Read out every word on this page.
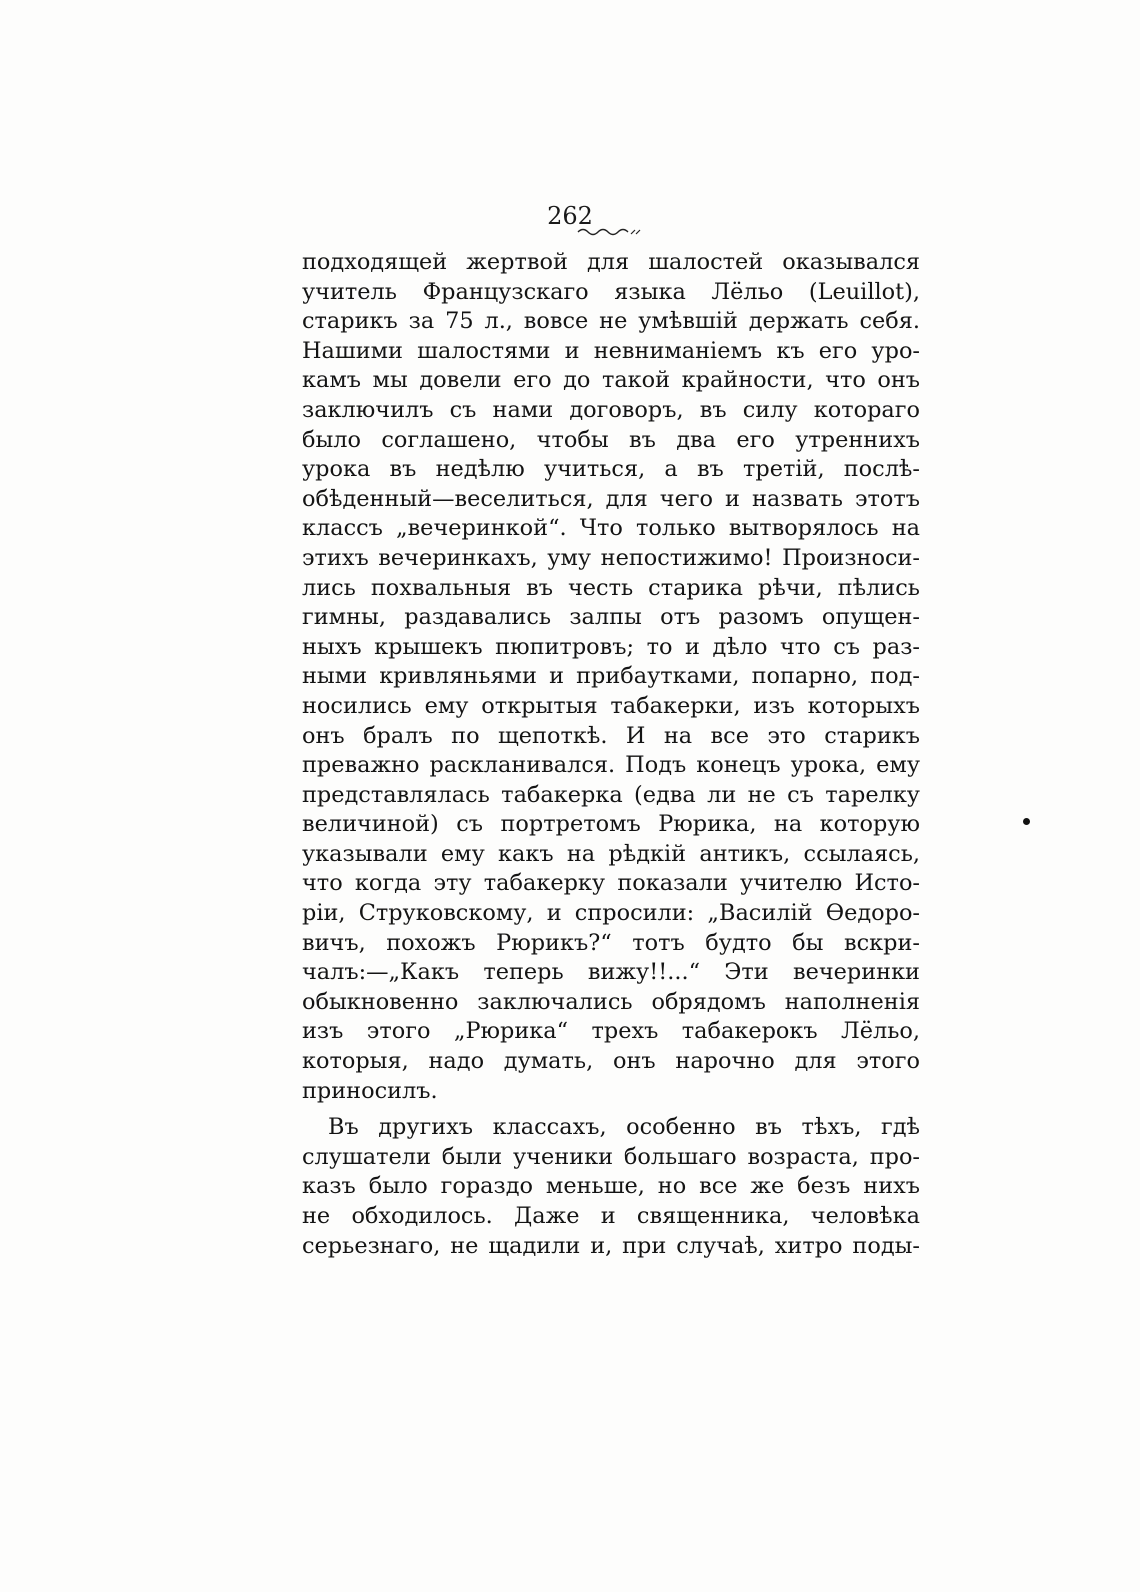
262
подходящей жертвой для шалостей оказывался
учитель Французскаго языка Лёльо (Leuillot),
старикъ за 75 л., вовсе не умѣвшій держать себя.
Нашими шалостями и невниманіемъ къ его уро-
камъ мы довели его до такой крайности, что онъ
заключилъ съ нами договоръ, въ силу котораго
было соглашено, чтобы въ два его утреннихъ
урока въ недѣлю учиться, а въ третій, послѣ-
обѣденный—веселиться, для чего и назвать этотъ
классъ „вечеринкой“. Что только вытворялось на
этихъ вечеринкахъ, уму непостижимо! Произноси-
лись похвальныя въ честь старика рѣчи, пѣлись
гимны, раздавались залпы отъ разомъ опущен-
ныхъ крышекъ пюпитровъ; то и дѣло что съ раз-
ными кривляньями и прибаутками, попарно, под-
носились ему открытыя табакерки, изъ которыхъ
онъ бралъ по щепоткѣ. И на все это старикъ
преважно раскланивался. Подъ конецъ урока, ему
представлялась табакерка (едва ли не съ тарелку
величиной) съ портретомъ Рюрика, на которую
указывали ему какъ на рѣдкій антикъ, ссылаясь,
что когда эту табакерку показали учителю Исто-
ріи, Струковскому, и спросили: „Василій Ѳедоро-
вичъ, похожъ Рюрикъ?“ тотъ будто бы вскри-
чалъ:—„Какъ теперь вижу!!...“ Эти вечеринки
обыкновенно заключались обрядомъ наполненія
изъ этого „Рюрика“ трехъ табакерокъ Лёльо,
которыя, надо думать, онъ нарочно для этого
приносилъ.
Въ другихъ классахъ, особенно въ тѣхъ, гдѣ
слушатели были ученики большаго возраста, про-
казъ было гораздо меньше, но все же безъ нихъ
не обходилось. Даже и священника, человѣка
серьезнаго, не щадили и, при случаѣ, хитро поды-
